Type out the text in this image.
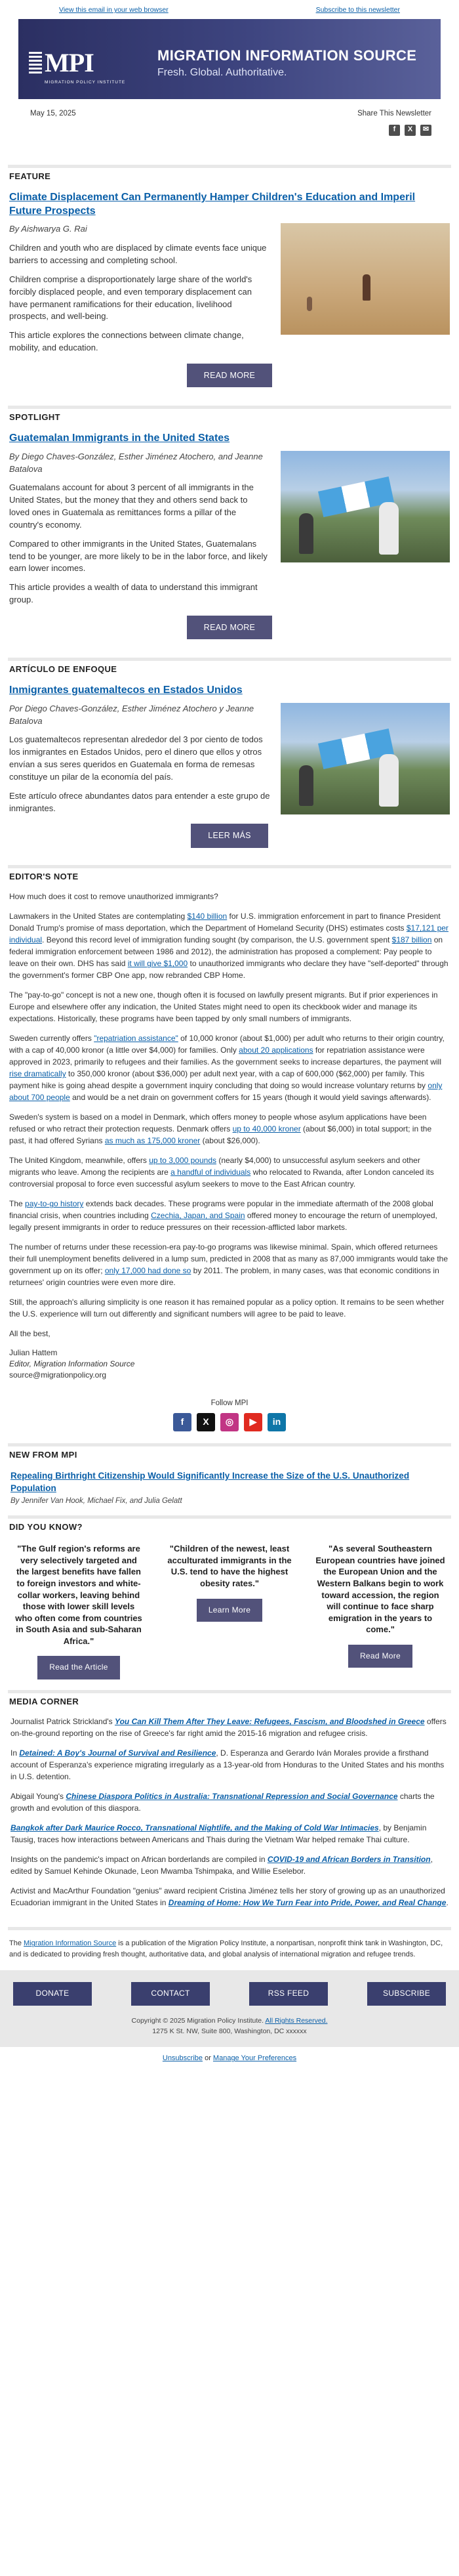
View this email in your web browser	Subscribe to this newsletter
MPI
MIGRATION POLICY INSTITUTE
MIGRATION INFORMATION SOURCE
Fresh. Global. Authoritative.
May 15, 2025	Share This Newsletter
f	X	✉
FEATURE
Climate Displacement Can Permanently Hamper Children's Education and Imperil Future Prospects

By Aishwarya G. Rai

Children and youth who are displaced by climate events face unique barriers to accessing and completing school.

Children comprise a disproportionately large share of the world's forcibly displaced people, and even temporary displacement can have permanent ramifications for their education, livelihood prospects, and well-being.

This article explores the connections between climate change, mobility, and education.

READ MORE
SPOTLIGHT
Guatemalan Immigrants in the United States

By Diego Chaves-González, Esther Jiménez Atochero, and Jeanne Batalova

Guatemalans account for about 3 percent of all immigrants in the United States, but the money that they and others send back to loved ones in Guatemala as remittances forms a pillar of the country's economy.

Compared to other immigrants in the United States, Guatemalans tend to be younger, are more likely to be in the labor force, and likely earn lower incomes.

This article provides a wealth of data to understand this immigrant group.

READ MORE
ARTÍCULO DE ENFOQUE
Inmigrantes guatemaltecos en Estados Unidos

Por Diego Chaves-González, Esther Jiménez Atochero y Jeanne Batalova

Los guatemaltecos representan alrededor del 3 por ciento de todos los inmigrantes en Estados Unidos, pero el dinero que ellos y otros envían a sus seres queridos en Guatemala en forma de remesas constituye un pilar de la economía del país.

Este artículo ofrece abundantes datos para entender a este grupo de inmigrantes.

LEER MÁS
EDITOR'S NOTE

How much does it cost to remove unauthorized immigrants?

Lawmakers in the United States are contemplating $140 billion for U.S. immigration enforcement in part to finance President Donald Trump's promise of mass deportation, which the Department of Homeland Security (DHS) estimates costs $17,121 per individual. Beyond this record level of immigration funding sought (by comparison, the U.S. government spent $187 billion on federal immigration enforcement between 1986 and 2012), the administration has proposed a complement: Pay people to leave on their own. DHS has said it will give $1,000 to unauthorized immigrants who declare they have "self-deported" through the government's former CBP One app, now rebranded CBP Home.

The "pay-to-go" concept is not a new one, though often it is focused on lawfully present migrants. But if prior experiences in Europe and elsewhere offer any indication, the United States might need to open its checkbook wider and manage its expectations. Historically, these programs have been tapped by only small numbers of immigrants.

Sweden currently offers "repatriation assistance" of 10,000 kronor (about $1,000) per adult who returns to their origin country, with a cap of 40,000 kronor (a little over $4,000) for families. Only about 20 applications for repatriation assistance were approved in 2023, primarily to refugees and their families. As the government seeks to increase departures, the payment will rise dramatically to 350,000 kronor (about $36,000) per adult next year, with a cap of 600,000 ($62,000) per family. This payment hike is going ahead despite a government inquiry concluding that doing so would increase voluntary returns by only about 700 people and would be a net drain on government coffers for 15 years (though it would yield savings afterwards).

Sweden's system is based on a model in Denmark, which offers money to people whose asylum applications have been refused or who retract their protection requests. Denmark offers up to 40,000 kroner (about $6,000) in total support; in the past, it had offered Syrians as much as 175,000 kroner (about $26,000).

The United Kingdom, meanwhile, offers up to 3,000 pounds (nearly $4,000) to unsuccessful asylum seekers and other migrants who leave. Among the recipients are a handful of individuals who relocated to Rwanda, after London canceled its controversial proposal to force even successful asylum seekers to move to the East African country.

The pay-to-go history extends back decades. These programs were popular in the immediate aftermath of the 2008 global financial crisis, when countries including Czechia, Japan, and Spain offered money to encourage the return of unemployed, legally present immigrants in order to reduce pressures on their recession-afflicted labor markets.

The number of returns under these recession-era pay-to-go programs was likewise minimal. Spain, which offered returnees their full unemployment benefits delivered in a lump sum, predicted in 2008 that as many as 87,000 immigrants would take the government up on its offer; only 17,000 had done so by 2011. The problem, in many cases, was that economic conditions in returnees' origin countries were even more dire.

Still, the approach's alluring simplicity is one reason it has remained popular as a policy option. It remains to be seen whether the U.S. experience will turn out differently and significant numbers will agree to be paid to leave.

All the best,

Julian Hattem
Editor, Migration Information Source
source@migrationpolicy.org
Follow MPI
f	X	◎	▶	in
NEW FROM MPI
Repealing Birthright Citizenship Would Significantly Increase the Size of the U.S. Unauthorized Population
By Jennifer Van Hook, Michael Fix, and Julia Gelatt
DID YOU KNOW?
"The Gulf region's reforms are very selectively targeted and the largest benefits have fallen to foreign investors and white-collar workers, leaving behind those with lower skill levels who often come from countries in South Asia and sub-Saharan Africa."
Read the Article
"Children of the newest, least acculturated immigrants in the U.S. tend to have the highest obesity rates."
Learn More
"As several Southeastern European countries have joined the European Union and the Western Balkans begin to work toward accession, the region will continue to face sharp emigration in the years to come."
Read More
MEDIA CORNER

Journalist Patrick Strickland's You Can Kill Them After They Leave: Refugees, Fascism, and Bloodshed in Greece offers on-the-ground reporting on the rise of Greece's far right amid the 2015-16 migration and refugee crisis.

In Detained: A Boy's Journal of Survival and Resilience, D. Esperanza and Gerardo Iván Morales provide a firsthand account of Esperanza's experience migrating irregularly as a 13-year-old from Honduras to the United States and his months in U.S. detention.

Abigail Young's Chinese Diaspora Politics in Australia: Transnational Repression and Social Governance charts the growth and evolution of this diaspora.

Bangkok after Dark Maurice Rocco, Transnational Nightlife, and the Making of Cold War Intimacies, by Benjamin Tausig, traces how interactions between Americans and Thais during the Vietnam War helped remake Thai culture.

Insights on the pandemic's impact on African borderlands are compiled in COVID-19 and African Borders in Transition, edited by Samuel Kehinde Okunade, Leon Mwamba Tshimpaka, and Willie Eselebor.

Activist and MacArthur Foundation "genius" award recipient Cristina Jiménez tells her story of growing up as an unauthorized Ecuadorian immigrant in the United States in Dreaming of Home: How We Turn Fear into Pride, Power, and Real Change.

The Migration Information Source is a publication of the Migration Policy Institute, a nonpartisan, nonprofit think tank in Washington, DC, and is dedicated to providing fresh thought, authoritative data, and global analysis of international migration and refugee trends.
DONATE	CONTACT	RSS FEED	SUBSCRIBE
Copyright © 2025 Migration Policy Institute. All Rights Reserved.
1275 K St. NW, Suite 800, Washington, DC xxxxxx
Unsubscribe or Manage Your Preferences
